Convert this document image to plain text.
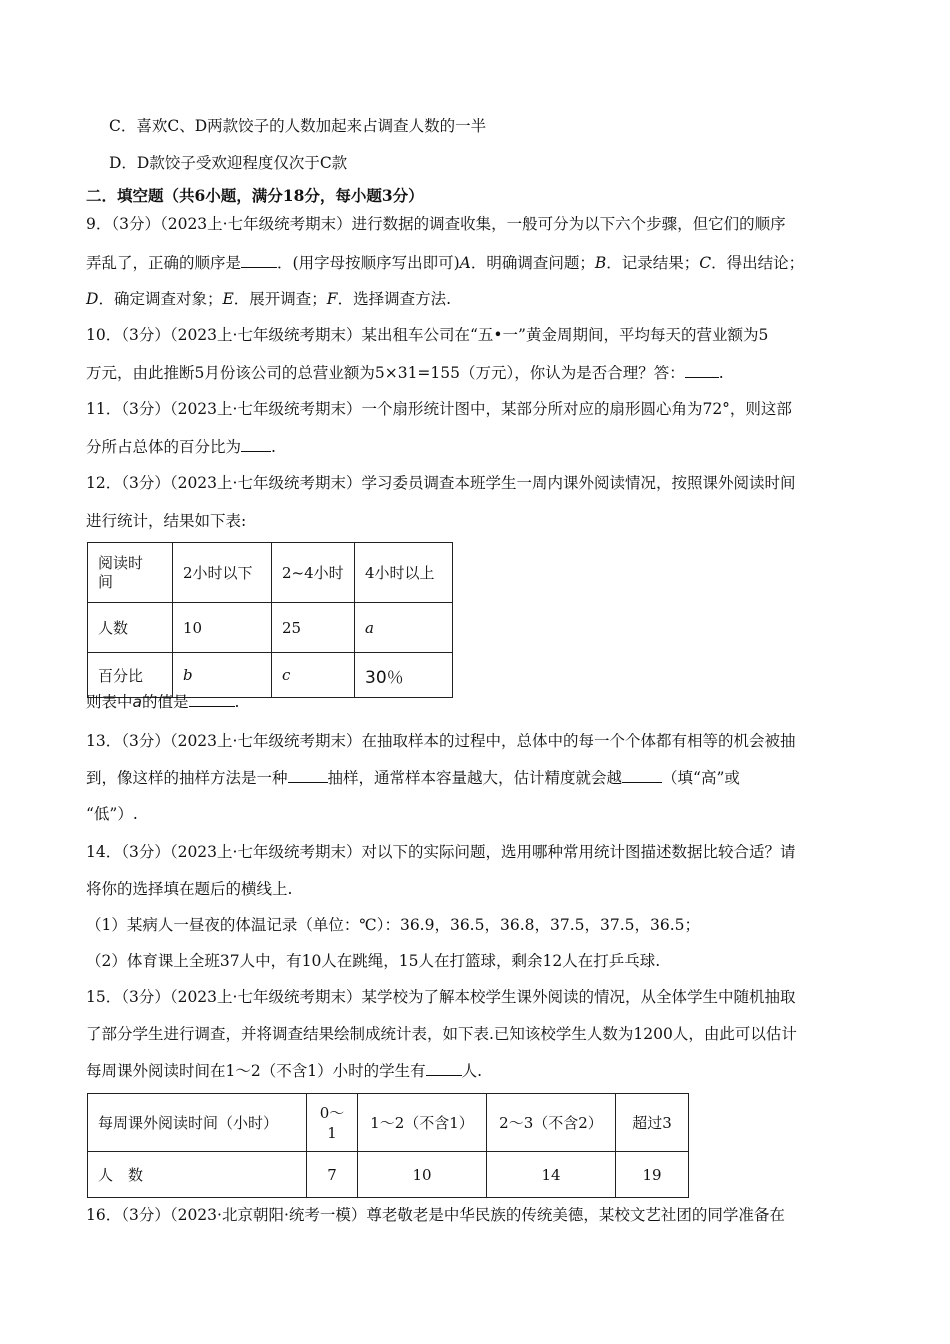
C．喜欢C、D两款饺子的人数加起来占调查人数的一半
D．D款饺子受欢迎程度仅次于C款
二．填空题（共6小题，满分18分，每小题3分）
9．（3分）（2023上·七年级统考期末）进行数据的调查收集，一般可分为以下六个步骤，但它们的顺序
弄乱了，正确的顺序是 ．(用字母按顺序写出即可)A．明确调查问题；B．记录结果；C．得出结论；
D．确定调查对象；E．展开调查；F．选择调查方法.
10．（3分）（2023上·七年级统考期末）某出租车公司在“五•一”黄金周期间，平均每天的营业额为5
万元，由此推断5月份该公司的总营业额为5×31=155（万元），你认为是否合理？答： .
11．（3分）（2023上·七年级统考期末）一个扇形统计图中，某部分所对应的扇形圆心角为72°，则这部
分所占总体的百分比为 .
12．（3分）（2023上·七年级统考期末）学习委员调查本班学生一周内课外阅读情况，按照课外阅读时间
进行统计，结果如下表:
阅读时
间	2小时以下	2~4小时	4小时以上
人数	10	25	a
百分比	b	c	30％
则表中a的值是	.
13．（3分）（2023上·七年级统考期末）在抽取样本的过程中，总体中的每一个个体都有相等的机会被抽
到，像这样的抽样方法是一种	抽样，通常样本容量越大，估计精度就会越	（填“高”或
“低”）.
14．（3分）（2023上·七年级统考期末）对以下的实际问题，选用哪种常用统计图描述数据比较合适？请
将你的选择填在题后的横线上.
（1）某病人一昼夜的体温记录（单位：℃）：36.9，36.5，36.8，37.5，37.5，36.5；
（2）体育课上全班37人中，有10人在跳绳，15人在打篮球，剩余12人在打乒乓球.
15．（3分）（2023上·七年级统考期末）某学校为了解本校学生课外阅读的情况，从全体学生中随机抽取
了部分学生进行调查，并将调查结果绘制成统计表，如下表.已知该校学生人数为1200人，由此可以估计
每周课外阅读时间在1～2（不含1）小时的学生有 人.
每周课外阅读时间（小时）	0～
1	1～2（不含1）	2～3（不含2）	超过3
人　数	7	10	14	19
16．（3分）（2023·北京朝阳·统考一模）尊老敬老是中华民族的传统美德，某校文艺社团的同学准备在
